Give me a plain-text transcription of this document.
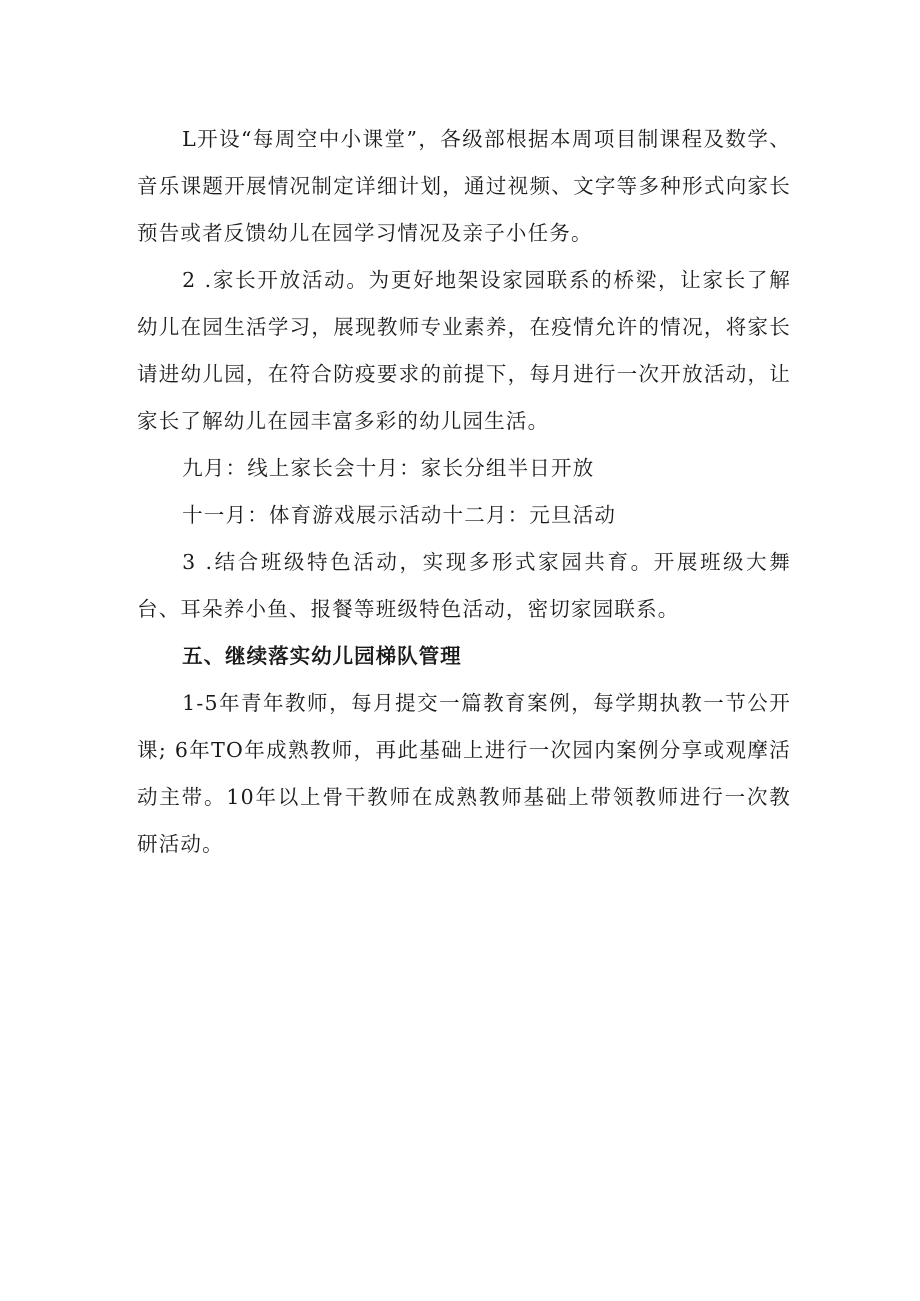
L开设“每周空中小课堂”，各级部根据本周项目制课程及数学、音乐课题开展情况制定详细计划，通过视频、文字等多种形式向家长预告或者反馈幼儿在园学习情况及亲子小任务。

2 .家长开放活动。为更好地架设家园联系的桥梁，让家长了解幼儿在园生活学习，展现教师专业素养，在疫情允许的情况，将家长请进幼儿园，在符合防疫要求的前提下，每月进行一次开放活动，让家长了解幼儿在园丰富多彩的幼儿园生活。

九月：线上家长会十月：家长分组半日开放

十一月：体育游戏展示活动十二月：元旦活动

3 .结合班级特色活动，实现多形式家园共育。开展班级大舞台、耳朵养小鱼、报餐等班级特色活动，密切家园联系。

五、继续落实幼儿园梯队管理

1-5年青年教师，每月提交一篇教育案例，每学期执教一节公开课; 6年TO年成熟教师，再此基础上进行一次园内案例分享或观摩活动主带。10年以上骨干教师在成熟教师基础上带领教师进行一次教研活动。
